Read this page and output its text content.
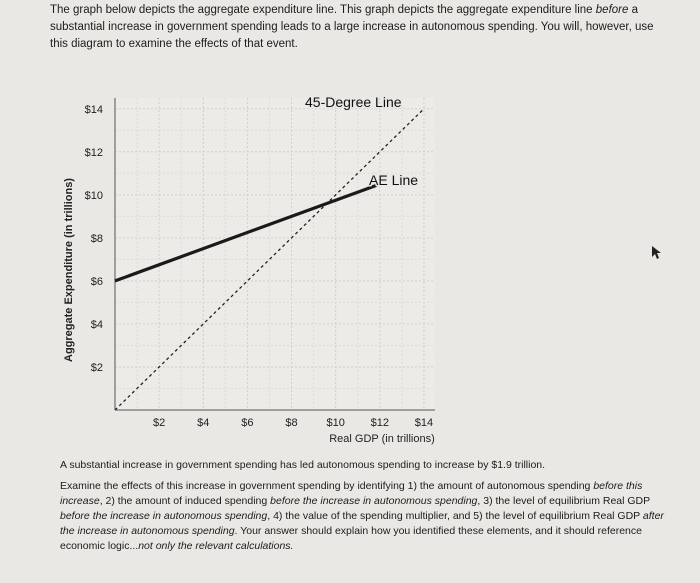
The graph below depicts the aggregate expenditure line. This graph depicts the aggregate expenditure line before a substantial increase in government spending leads to a large increase in autonomous spending. You will, however, use this diagram to examine the effects of that event.
$2	$4	$6	$8	$10 $12 $14
$2
$4
$6
$8
$10
$12
$14
Aggregate Expenditure (in trillions)
Real GDP (in trillions)
45-Degree Line
AE Line

A substantial increase in government spending has led autonomous spending to increase by $1.9 trillion.

Examine the effects of this increase in government spending by identifying 1) the amount of autonomous spending before this increase, 2) the amount of induced spending before the increase in autonomous spending, 3) the level of equilibrium Real GDP before the increase in autonomous spending, 4) the value of the spending multiplier, and 5) the level of equilibrium Real GDP after the increase in autonomous spending. Your answer should explain how you identified these elements, and it should reference economic logic...not only the relevant calculations.
